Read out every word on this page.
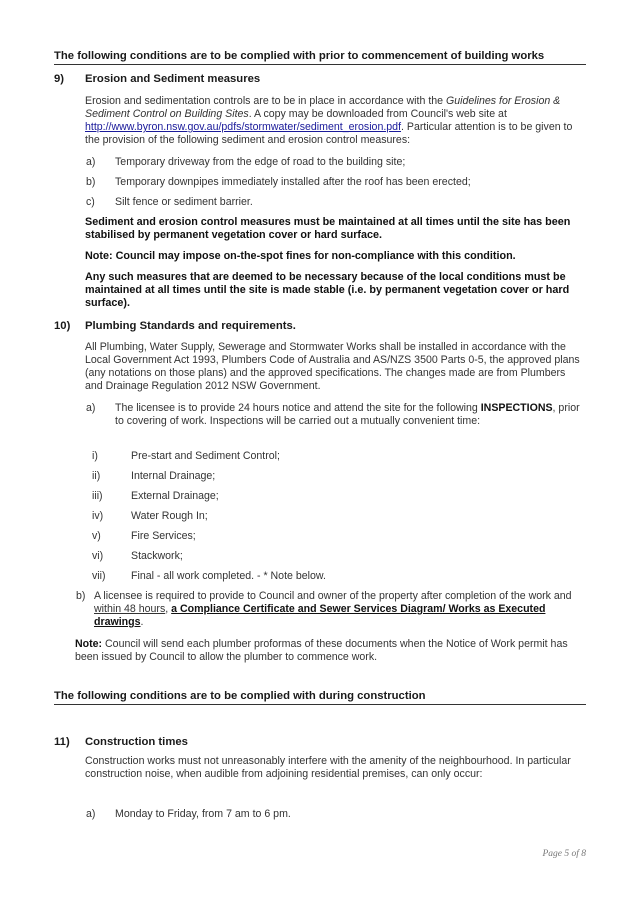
The following conditions are to be complied with prior to commencement of building works
9) Erosion and Sediment measures
Erosion and sedimentation controls are to be in place in accordance with the Guidelines for Erosion & Sediment Control on Building Sites. A copy may be downloaded from Council's web site at http://www.byron.nsw.gov.au/pdfs/stormwater/sediment_erosion.pdf. Particular attention is to be given to the provision of the following sediment and erosion control measures:
a) Temporary driveway from the edge of road to the building site;
b) Temporary downpipes immediately installed after the roof has been erected;
c) Silt fence or sediment barrier.
Sediment and erosion control measures must be maintained at all times until the site has been stabilised by permanent vegetation cover or hard surface.
Note: Council may impose on-the-spot fines for non-compliance with this condition.
Any such measures that are deemed to be necessary because of the local conditions must be maintained at all times until the site is made stable (i.e. by permanent vegetation cover or hard surface).
10) Plumbing Standards and requirements.
All Plumbing, Water Supply, Sewerage and Stormwater Works shall be installed in accordance with the Local Government Act 1993, Plumbers Code of Australia and AS/NZS 3500 Parts 0-5, the approved plans (any notations on those plans) and the approved specifications. The changes made are from Plumbers and Drainage Regulation 2012 NSW Government.
a) The licensee is to provide 24 hours notice and attend the site for the following INSPECTIONS, prior to covering of work. Inspections will be carried out a mutually convenient time:
i)	Pre-start and Sediment Control;
ii)	Internal Drainage;
iii)	External Drainage;
iv)	Water Rough In;
v)	Fire Services;
vi)	Stackwork;
vii) Final - all work completed. - * Note below.
b) A licensee is required to provide to Council and owner of the property after completion of the work and within 48 hours, a Compliance Certificate and Sewer Services Diagram/ Works as Executed drawings.
Note: Council will send each plumber proformas of these documents when the Notice of Work permit has been issued by Council to allow the plumber to commence work.
The following conditions are to be complied with during construction
11) Construction times
Construction works must not unreasonably interfere with the amenity of the neighbourhood. In particular construction noise, when audible from adjoining residential premises, can only occur:
a) Monday to Friday, from 7 am to 6 pm.
Page 5 of 8
